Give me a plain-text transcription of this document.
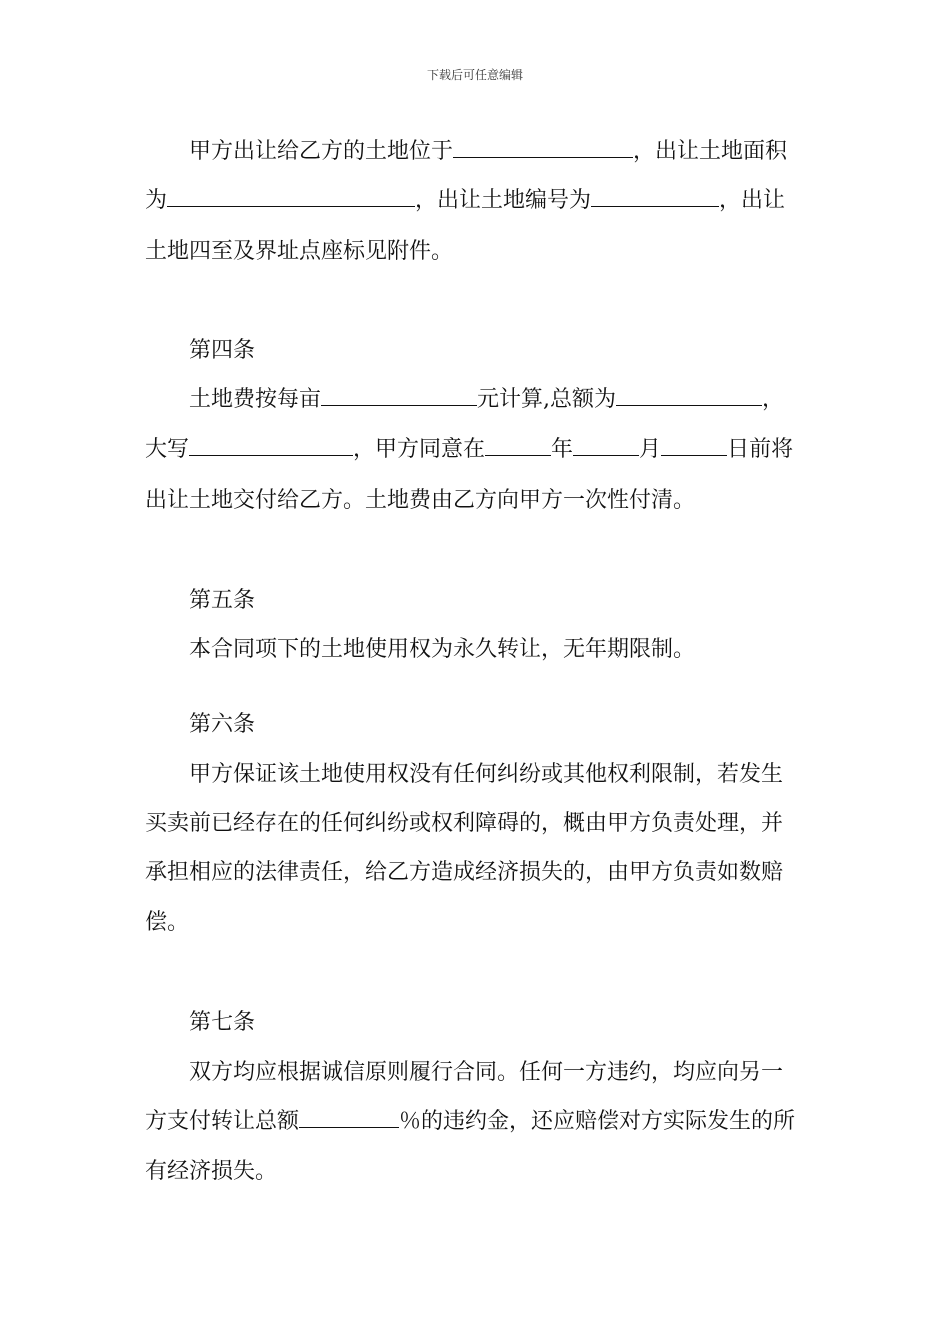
下载后可任意编辑
甲方出让给乙方的土地位于	，出让土地面积
为	，出让土地编号为	，出让
土地四至及界址点座标见附件。
第四条
土地费按每亩	元计算,总额为	，
大写	，甲方同意在	年	月	日前将
出让土地交付给乙方。土地费由乙方向甲方一次性付清。
第五条
本合同项下的土地使用权为永久转让，无年期限制。
第六条
甲方保证该土地使用权没有任何纠纷或其他权利限制，若发生
买卖前已经存在的任何纠纷或权利障碍的，概由甲方负责处理，并
承担相应的法律责任，给乙方造成经济损失的，由甲方负责如数赔
偿。
第七条
双方均应根据诚信原则履行合同。任何一方违约，均应向另一
方支付转让总额	％的违约金，还应赔偿对方实际发生的所
有经济损失。
